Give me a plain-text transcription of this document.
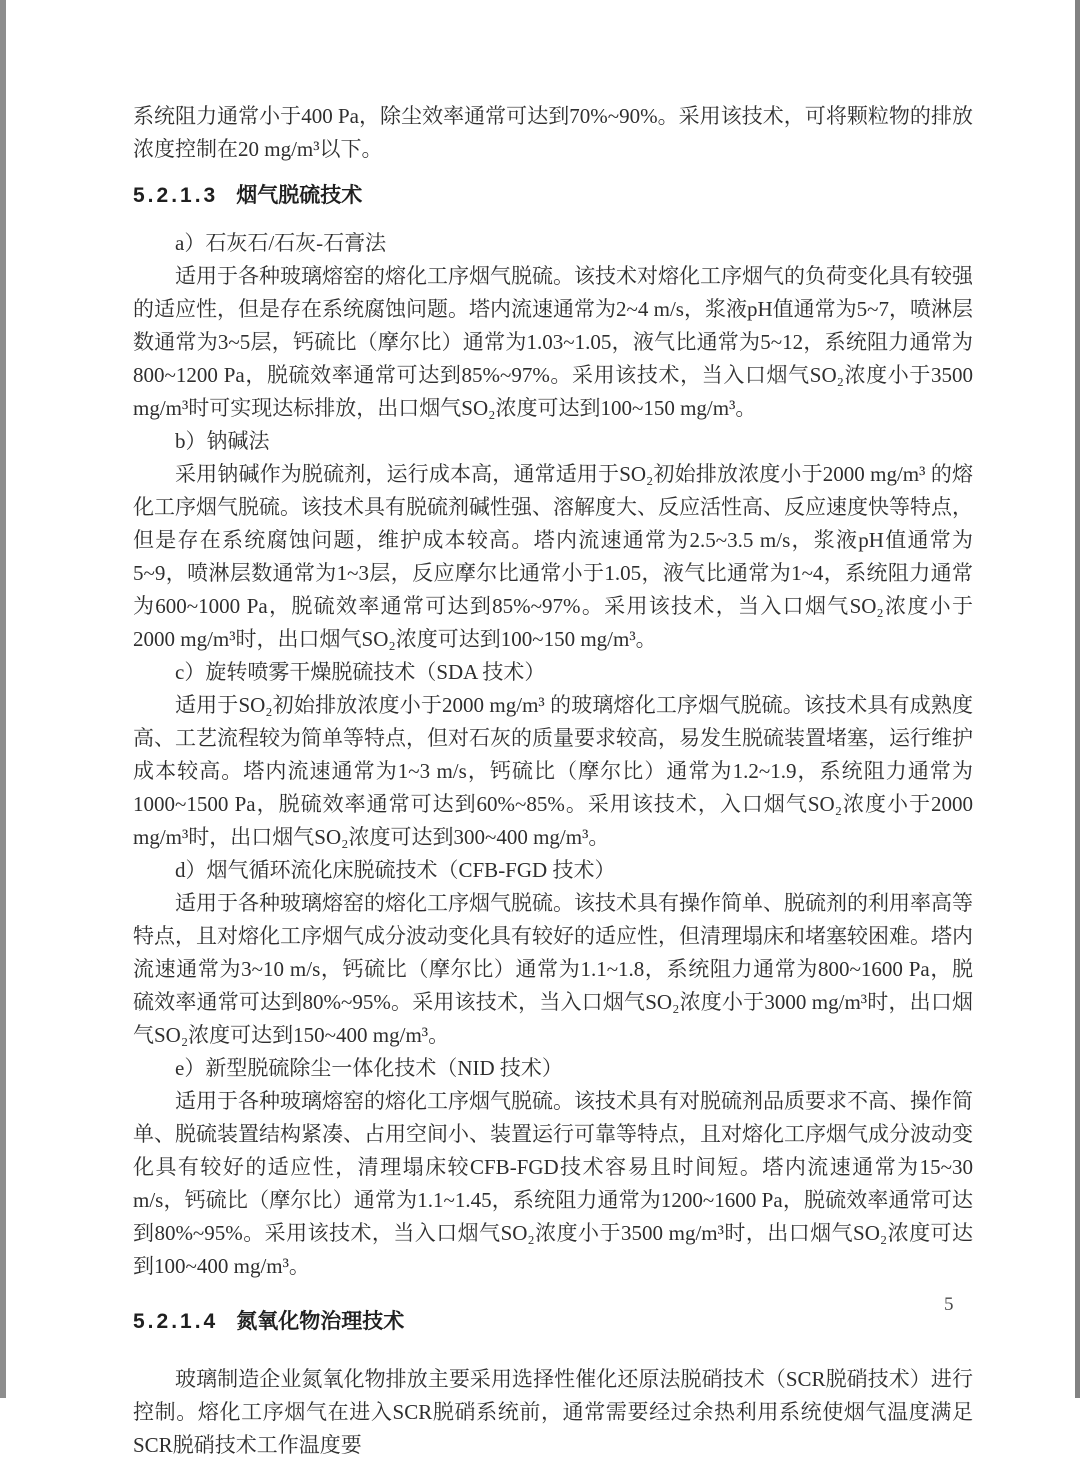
系统阻力通常小于400 Pa，除尘效率通常可达到70%~90%。采用该技术，可将颗粒物的排放浓度控制在20 mg/m³以下。

5.2.1.3 烟气脱硫技术

a）石灰石/石灰-石膏法

适用于各种玻璃熔窑的熔化工序烟气脱硫。该技术对熔化工序烟气的负荷变化具有较强的适应性，但是存在系统腐蚀问题。塔内流速通常为2~4 m/s，浆液pH值通常为5~7，喷淋层数通常为3~5层，钙硫比（摩尔比）通常为1.03~1.05，液气比通常为5~12，系统阻力通常为800~1200 Pa，脱硫效率通常可达到85%~97%。采用该技术，当入口烟气SO₂浓度小于3500 mg/m³时可实现达标排放，出口烟气SO₂浓度可达到100~150 mg/m³。

b）钠碱法

采用钠碱作为脱硫剂，运行成本高，通常适用于SO₂初始排放浓度小于2000 mg/m³ 的熔化工序烟气脱硫。该技术具有脱硫剂碱性强、溶解度大、反应活性高、反应速度快等特点，但是存在系统腐蚀问题，维护成本较高。塔内流速通常为2.5~3.5 m/s，浆液pH值通常为5~9，喷淋层数通常为1~3层，反应摩尔比通常小于1.05，液气比通常为1~4，系统阻力通常为600~1000 Pa，脱硫效率通常可达到85%~97%。采用该技术，当入口烟气SO₂浓度小于2000 mg/m³时，出口烟气SO₂浓度可达到100~150 mg/m³。

c）旋转喷雾干燥脱硫技术（SDA 技术）

适用于SO₂初始排放浓度小于2000 mg/m³ 的玻璃熔化工序烟气脱硫。该技术具有成熟度高、工艺流程较为简单等特点，但对石灰的质量要求较高，易发生脱硫装置堵塞，运行维护成本较高。塔内流速通常为1~3 m/s，钙硫比（摩尔比）通常为1.2~1.9，系统阻力通常为1000~1500 Pa，脱硫效率通常可达到60%~85%。采用该技术，入口烟气SO₂浓度小于2000 mg/m³时，出口烟气SO₂浓度可达到300~400 mg/m³。

d）烟气循环流化床脱硫技术（CFB-FGD 技术）

适用于各种玻璃熔窑的熔化工序烟气脱硫。该技术具有操作简单、脱硫剂的利用率高等特点，且对熔化工序烟气成分波动变化具有较好的适应性，但清理塌床和堵塞较困难。塔内流速通常为3~10 m/s，钙硫比（摩尔比）通常为1.1~1.8，系统阻力通常为800~1600 Pa，脱硫效率通常可达到80%~95%。采用该技术，当入口烟气SO₂浓度小于3000 mg/m³时，出口烟气SO₂浓度可达到150~400 mg/m³。

e）新型脱硫除尘一体化技术（NID 技术）

适用于各种玻璃熔窑的熔化工序烟气脱硫。该技术具有对脱硫剂品质要求不高、操作简单、脱硫装置结构紧凑、占用空间小、装置运行可靠等特点，且对熔化工序烟气成分波动变化具有较好的适应性，清理塌床较CFB-FGD技术容易且时间短。塔内流速通常为15~30 m/s，钙硫比（摩尔比）通常为1.1~1.45，系统阻力通常为1200~1600 Pa，脱硫效率通常可达到80%~95%。采用该技术，当入口烟气SO₂浓度小于3500 mg/m³时，出口烟气SO₂浓度可达到100~400 mg/m³。

5.2.1.4 氮氧化物治理技术

玻璃制造企业氮氧化物排放主要采用选择性催化还原法脱硝技术（SCR脱硝技术）进行控制。熔化工序烟气在进入SCR脱硝系统前，通常需要经过余热利用系统使烟气温度满足SCR脱硝技术工作温度要

5
